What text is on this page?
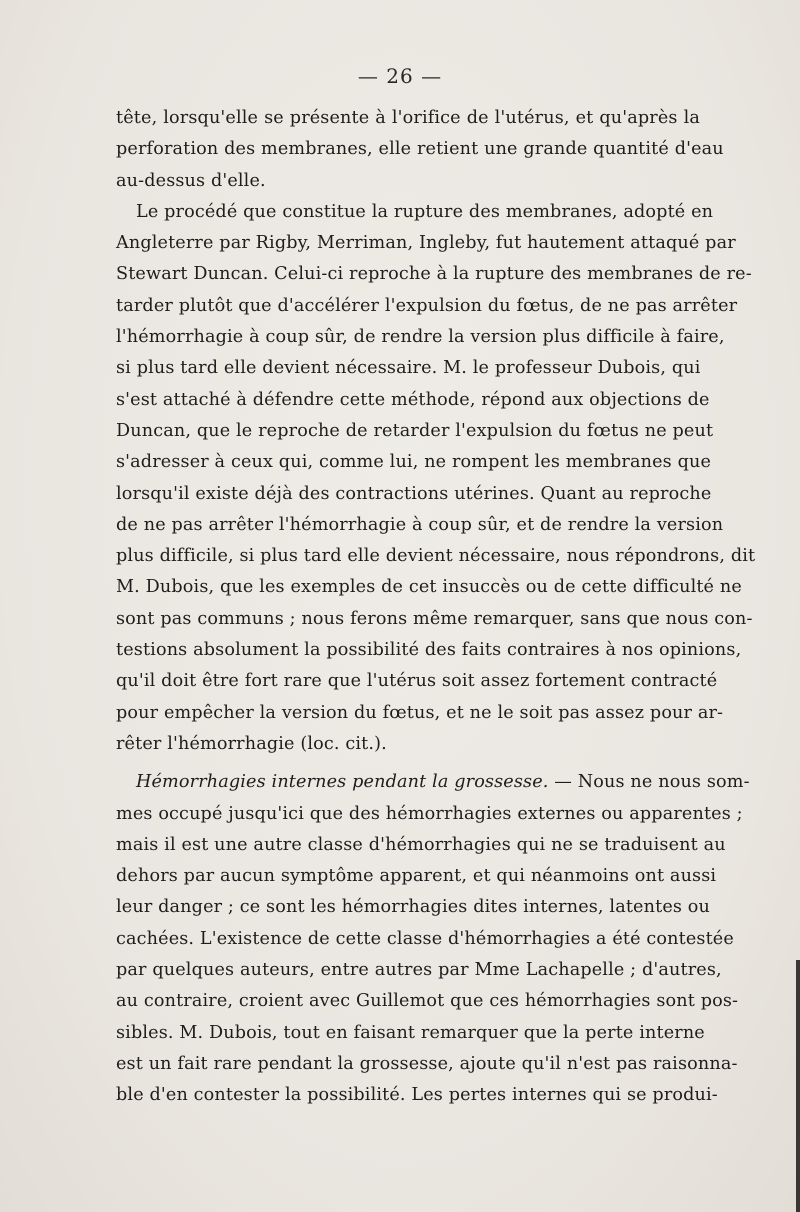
— 26 —
tête, lorsqu'elle se présente à l'orifice de l'utérus, et qu'après la
perforation des membranes, elle retient une grande quantité d'eau
au-dessus d'elle.
Le procédé que constitue la rupture des membranes, adopté en
Angleterre par Rigby, Merriman, Ingleby, fut hautement attaqué par
Stewart Duncan. Celui-ci reproche à la rupture des membranes de re-
tarder plutôt que d'accélérer l'expulsion du fœtus, de ne pas arrêter
l'hémorrhagie à coup sûr, de rendre la version plus difficile à faire,
si plus tard elle devient nécessaire. M. le professeur Dubois, qui
s'est attaché à défendre cette méthode, répond aux objections de
Duncan, que le reproche de retarder l'expulsion du fœtus ne peut
s'adresser à ceux qui, comme lui, ne rompent les membranes que
lorsqu'il existe déjà des contractions utérines. Quant au reproche
de ne pas arrêter l'hémorrhagie à coup sûr, et de rendre la version
plus difficile, si plus tard elle devient nécessaire, nous répondrons, dit
M. Dubois, que les exemples de cet insuccès ou de cette difficulté ne
sont pas communs ; nous ferons même remarquer, sans que nous con-
testions absolument la possibilité des faits contraires à nos opinions,
qu'il doit être fort rare que l'utérus soit assez fortement contracté
pour empêcher la version du fœtus, et ne le soit pas assez pour ar-
rêter l'hémorrhagie (loc. cit.).
Hémorrhagies internes pendant la grossesse. — Nous ne nous som-
mes occupé jusqu'ici que des hémorrhagies externes ou apparentes ;
mais il est une autre classe d'hémorrhagies qui ne se traduisent au
dehors par aucun symptôme apparent, et qui néanmoins ont aussi
leur danger ; ce sont les hémorrhagies dites internes, latentes ou
cachées. L'existence de cette classe d'hémorrhagies a été contestée
par quelques auteurs, entre autres par Mme Lachapelle ; d'autres,
au contraire, croient avec Guillemot que ces hémorrhagies sont pos-
sibles. M. Dubois, tout en faisant remarquer que la perte interne
est un fait rare pendant la grossesse, ajoute qu'il n'est pas raisonna-
ble d'en contester la possibilité. Les pertes internes qui se produi-
